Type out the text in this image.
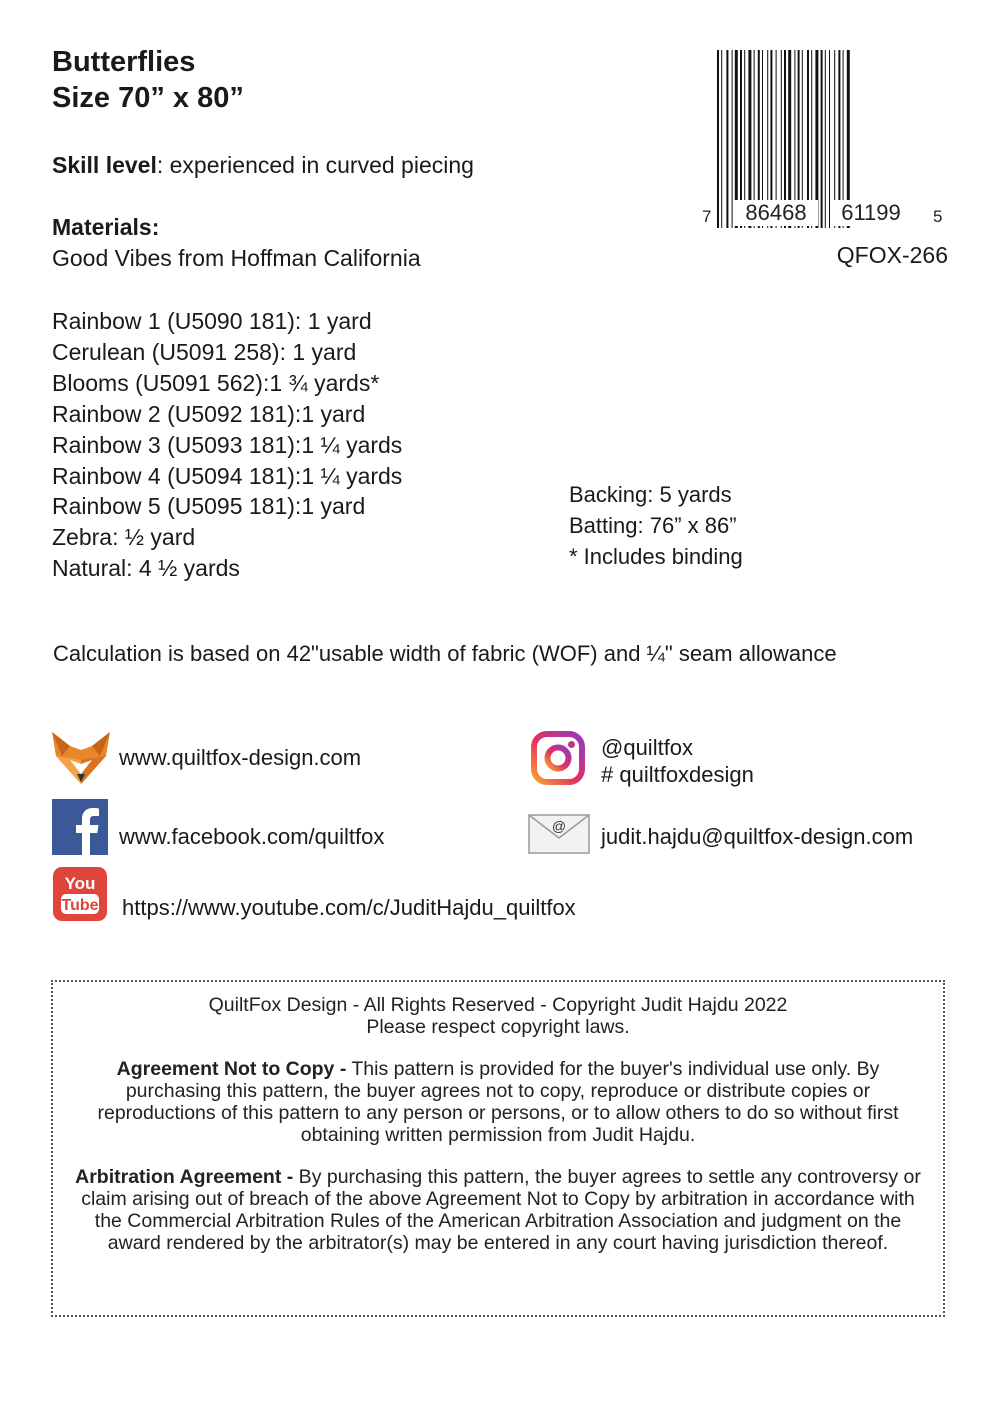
Butterflies
Size 70” x 80”
Skill level: experienced in curved piecing
Materials:
Good Vibes from Hoffman California
Rainbow 1 (U5090 181): 1 yard
Cerulean (U5091 258): 1 yard
Blooms (U5091 562):1 ¾ yards*
Rainbow 2 (U5092 181):1 yard
Rainbow 3 (U5093 181):1 ¼ yards
Rainbow 4 (U5094 181):1 ¼ yards
Rainbow 5 (U5095 181):1 yard
Zebra: ½ yard
Natural: 4 ½ yards
Backing: 5 yards
Batting: 76” x 86”
* Includes binding
Calculation is based on 42"usable width of fabric (WOF) and ¼" seam allowance
7 86468 61199 5
QFOX-266
www.quiltfox-design.com
www.facebook.com/quiltfox
You
Tube https://www.youtube.com/c/JuditHajdu_quiltfox
@quiltfox
# quiltfoxdesign
@ judit.hajdu@quiltfox-design.com

QuiltFox Design - All Rights Reserved - Copyright Judit Hajdu 2022
Please respect copyright laws.

Agreement Not to Copy - This pattern is provided for the buyer's individual use only. By purchasing this pattern, the buyer agrees not to copy, reproduce or distribute copies or reproductions of this pattern to any person or persons, or to allow others to do so without first obtaining written permission from Judit Hajdu.

Arbitration Agreement - By purchasing this pattern, the buyer agrees to settle any controversy or claim arising out of breach of the above Agreement Not to Copy by arbitration in accordance with the Commercial Arbitration Rules of the American Arbitration Association and judgment on the award rendered by the arbitrator(s) may be entered in any court having jurisdiction thereof.
